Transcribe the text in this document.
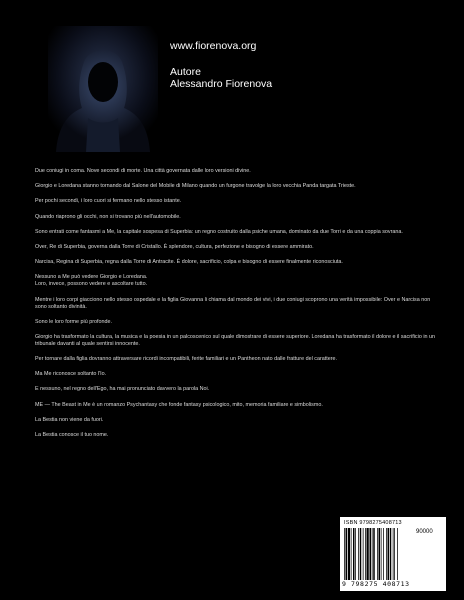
www.fiorenova.org
Autore
Alessandro Fiorenova

Due coniugi in coma. Nove secondi di morte. Una città governata dalle loro versioni divine.

Giorgio e Loredana stanno tornando dal Salone del Mobile di Milano quando un furgone travolge la loro vecchia Panda targata Trieste.

Per pochi secondi, i loro cuori si fermano nello stesso istante.

Quando riaprono gli occhi, non si trovano più nell'automobile.

Sono entrati come fantasmi a Me, la capitale sospesa di Superbia: un regno costruito dalla psiche umana, dominato da due Torri e da una coppia sovrana.

Over, Re di Superbia, governa dalla Torre di Cristallo. È splendore, cultura, perfezione e bisogno di essere ammirato.

Narcisa, Regina di Superbia, regna dalla Torre di Antracite. È dolore, sacrificio, colpa e bisogno di essere finalmente riconosciuta.

Nessuno a Me può vedere Giorgio e Loredana.
Loro, invece, possono vedere e ascoltare tutto.

Mentre i loro corpi giacciono nello stesso ospedale e la figlia Giovanna li chiama dal mondo dei vivi, i due coniugi scoprono una verità impossibile: Over e Narcisa non sono soltanto divinità.

Sono le loro forme più profonde.

Giorgio ha trasformato la cultura, la musica e la poesia in un palcoscenico sul quale dimostrare di essere superiore. Loredana ha trasformato il dolore e il sacrificio in un tribunale davanti al quale sentirsi innocente.

Per tornare dalla figlia dovranno attraversare ricordi incompatibili, ferite familiari e un Pantheon nato dalle fratture del carattere.

Ma Me riconosce soltanto l'Io.

E nessuno, nel regno dell'Ego, ha mai pronunciato davvero la parola Noi.

ME — The Beast in Me è un romanzo Psychantasy che fonde fantasy psicologico, mito, memoria familiare e simbolismo.

La Bestia non viene da fuori.

La Bestia conosce il tuo nome.

ISBN 9798275408713
90000
9 798275 408713
